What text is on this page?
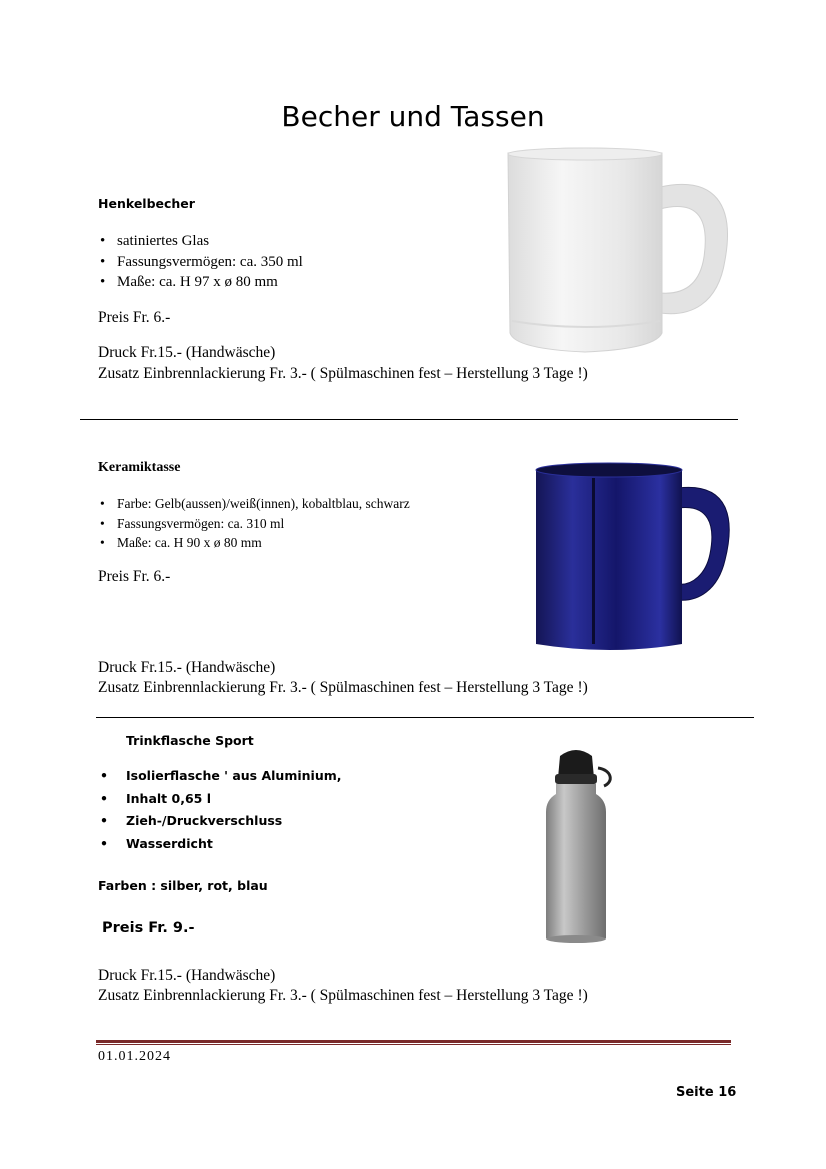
Becher und Tassen
Henkelbecher
• satiniertes Glas
• Fassungsvermögen: ca. 350 ml
• Maße: ca. H 97 x ø 80 mm
Preis Fr. 6.-
Druck Fr.15.- (Handwäsche)
Zusatz Einbrennlackierung Fr. 3.- ( Spülmaschinen fest – Herstellung 3 Tage !)
Keramiktasse
• Farbe: Gelb(aussen)/weiß(innen), kobaltblau, schwarz
• Fassungsvermögen: ca. 310 ml
• Maße: ca. H 90 x ø 80 mm
Preis Fr. 6.-
Druck Fr.15.- (Handwäsche)
Zusatz Einbrennlackierung Fr. 3.- ( Spülmaschinen fest – Herstellung 3 Tage !)
Trinkflasche Sport
• Isolierflasche ' aus Aluminium,
• Inhalt 0,65 l
• Zieh-/Druckverschluss
• Wasserdicht
Farben : silber, rot, blau
Preis Fr. 9.-
Druck Fr.15.- (Handwäsche)
Zusatz Einbrennlackierung Fr. 3.- ( Spülmaschinen fest – Herstellung 3 Tage !)
01.01.2024
Seite 16
